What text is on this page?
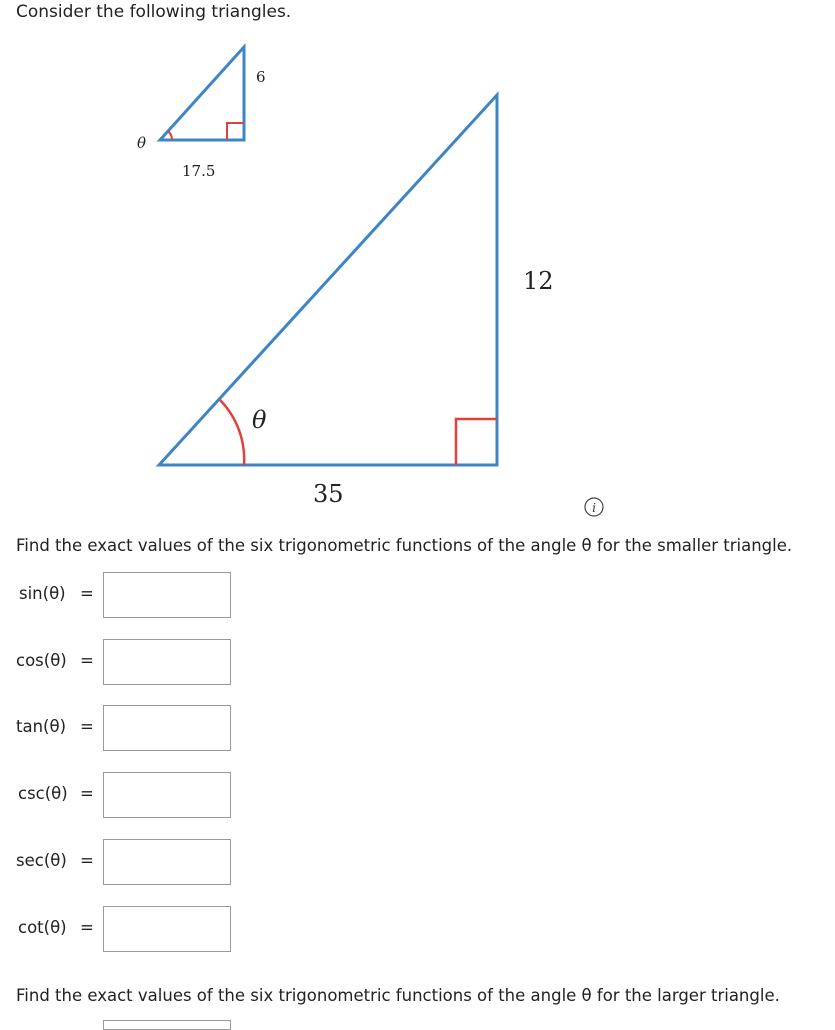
Consider the following triangles.

6
17.5
θ
12
35
θ
i

Find the exact values of the six trigonometric functions of the angle θ for the smaller triangle.

sin(θ) =
cos(θ) =
tan(θ) =
csc(θ) =
sec(θ) =
cot(θ) =

Find the exact values of the six trigonometric functions of the angle θ for the larger triangle.
